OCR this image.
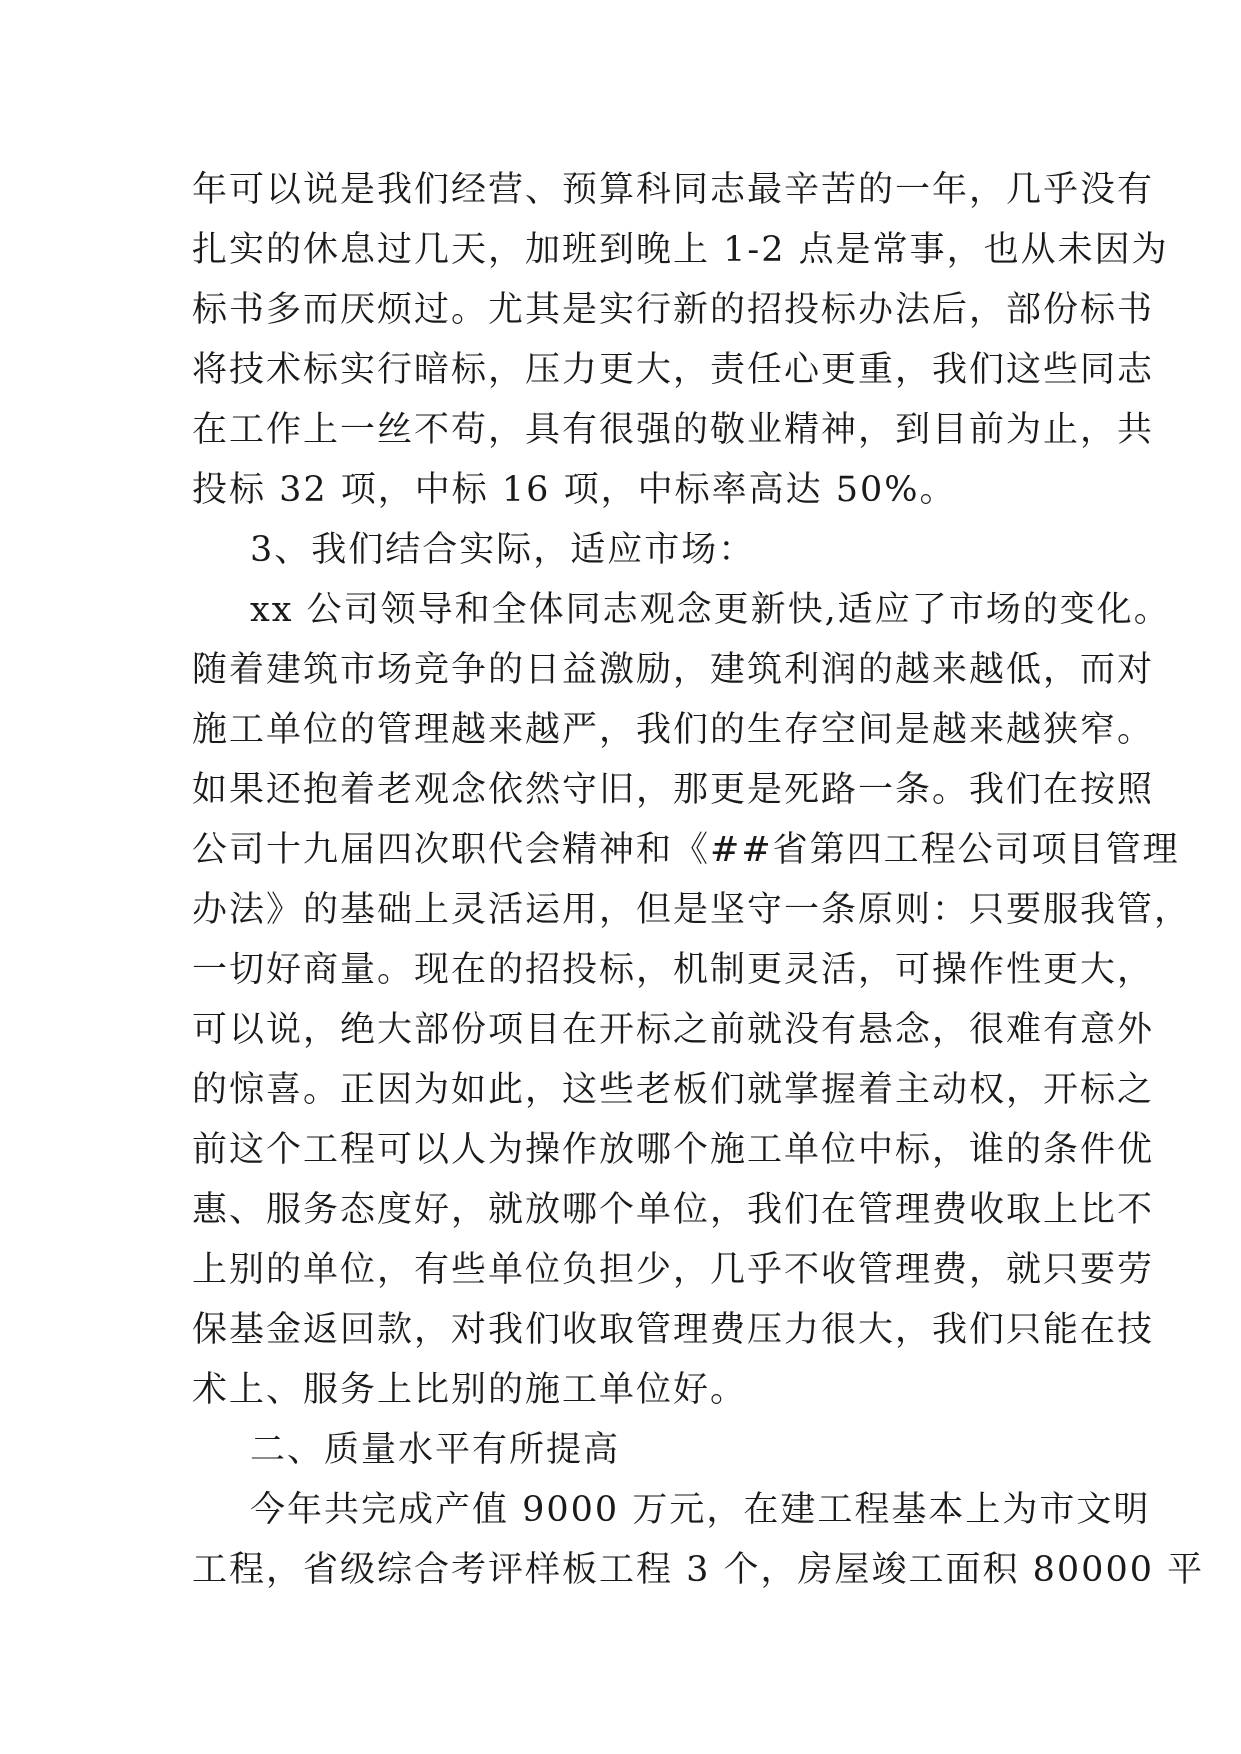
年可以说是我们经营、预算科同志最辛苦的一年，几乎没有
扎实的休息过几天，加班到晚上 1-2 点是常事，也从未因为
标书多而厌烦过。尤其是实行新的招投标办法后，部份标书
将技术标实行暗标，压力更大，责任心更重，我们这些同志
在工作上一丝不苟，具有很强的敬业精神，到目前为止，共
投标 32 项，中标 16 项，中标率高达 50%。
3、我们结合实际，适应市场：
xx 公司领导和全体同志观念更新快,适应了市场的变化。
随着建筑市场竞争的日益激励，建筑利润的越来越低，而对
施工单位的管理越来越严，我们的生存空间是越来越狭窄。
如果还抱着老观念依然守旧，那更是死路一条。我们在按照
公司十九届四次职代会精神和《##省第四工程公司项目管理
办法》的基础上灵活运用，但是坚守一条原则：只要服我管，
一切好商量。现在的招投标，机制更灵活，可操作性更大，
可以说，绝大部份项目在开标之前就没有悬念，很难有意外
的惊喜。正因为如此，这些老板们就掌握着主动权，开标之
前这个工程可以人为操作放哪个施工单位中标，谁的条件优
惠、服务态度好，就放哪个单位，我们在管理费收取上比不
上别的单位，有些单位负担少，几乎不收管理费，就只要劳
保基金返回款，对我们收取管理费压力很大，我们只能在技
术上、服务上比别的施工单位好。
二、质量水平有所提高
今年共完成产值 9000 万元，在建工程基本上为市文明
工程，省级综合考评样板工程 3 个，房屋竣工面积 80000 平
